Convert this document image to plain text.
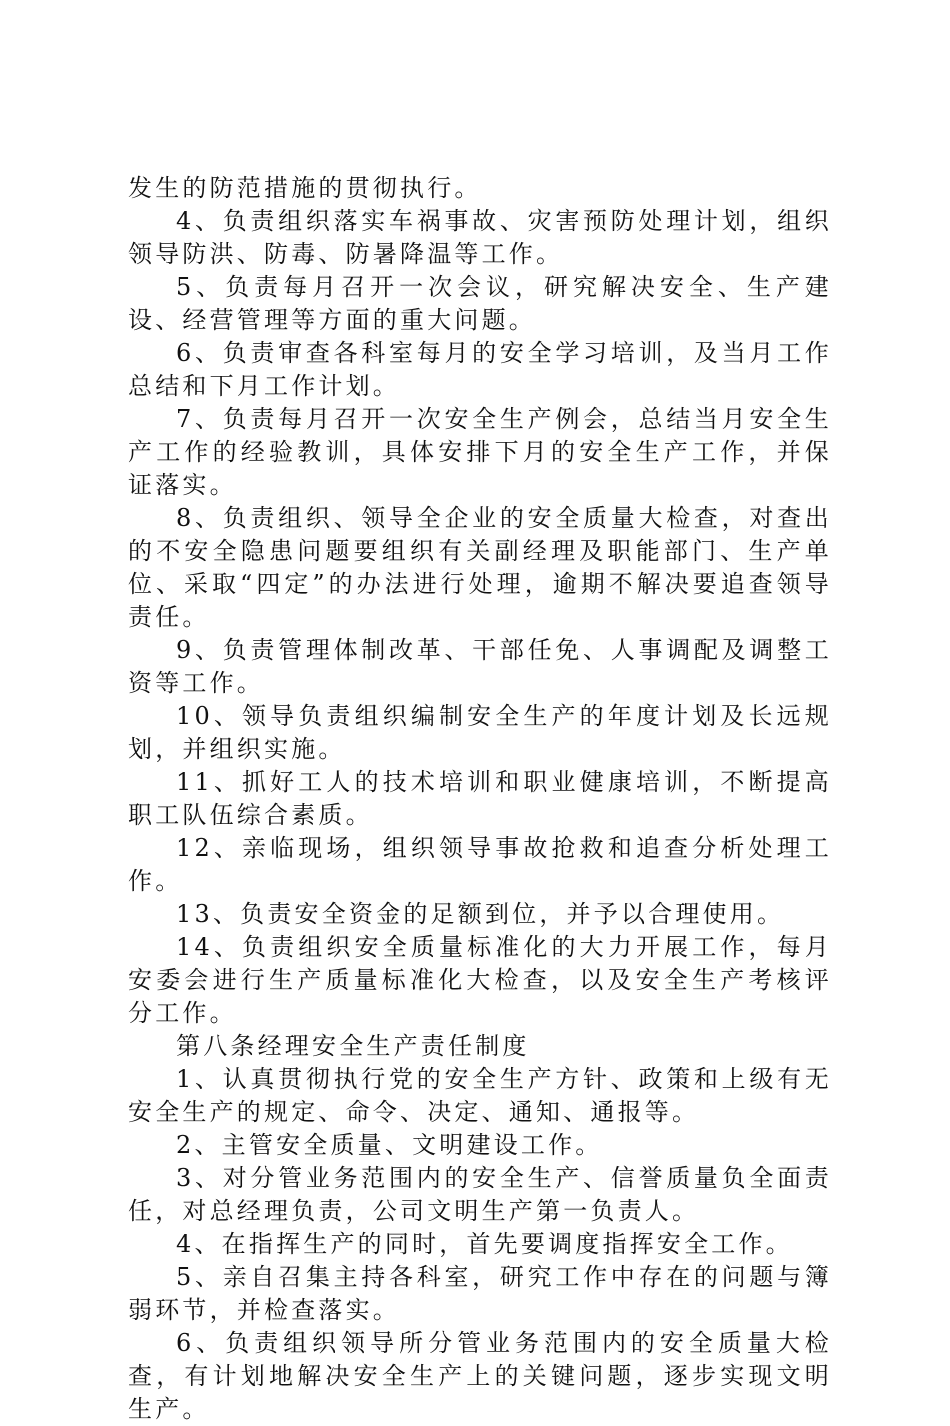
发生的防范措施的贯彻执行。

4、负责组织落实车祸事故、灾害预防处理计划，组织领导防洪、防毒、防暑降温等工作。

5、负责每月召开一次会议，研究解决安全、生产建设、经营管理等方面的重大问题。

6、负责审查各科室每月的安全学习培训，及当月工作总结和下月工作计划。

7、负责每月召开一次安全生产例会，总结当月安全生产工作的经验教训，具体安排下月的安全生产工作，并保证落实。

8、负责组织、领导全企业的安全质量大检查，对查出的不安全隐患问题要组织有关副经理及职能部门、生产单位、采取“四定”的办法进行处理，逾期不解决要追查领导责任。

9、负责管理体制改革、干部任免、人事调配及调整工资等工作。

10、领导负责组织编制安全生产的年度计划及长远规划，并组织实施。

11、抓好工人的技术培训和职业健康培训，不断提高职工队伍综合素质。

12、亲临现场，组织领导事故抢救和追查分析处理工作。

13、负责安全资金的足额到位，并予以合理使用。

14、负责组织安全质量标准化的大力开展工作，每月安委会进行生产质量标准化大检查，以及安全生产考核评分工作。

第八条经理安全生产责任制度

1、认真贯彻执行党的安全生产方针、政策和上级有无安全生产的规定、命令、决定、通知、通报等。

2、主管安全质量、文明建设工作。

3、对分管业务范围内的安全生产、信誉质量负全面责任，对总经理负责，公司文明生产第一负责人。

4、在指挥生产的同时，首先要调度指挥安全工作。

5、亲自召集主持各科室，研究工作中存在的问题与簿弱环节，并检查落实。

6、负责组织领导所分管业务范围内的安全质量大检查，有计划地解决安全生产上的关键问题，逐步实现文明生产。
